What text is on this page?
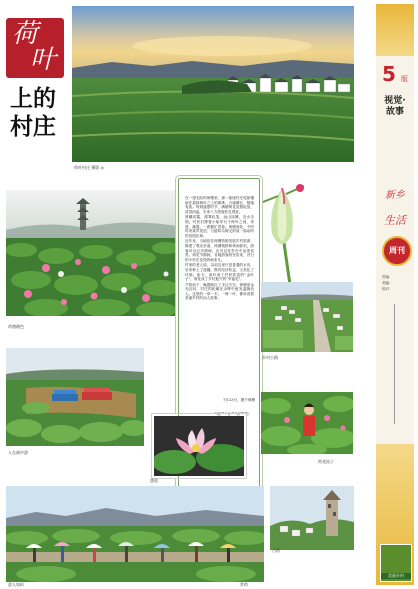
荷
叶
上的
村庄
荷叶村庄 摄影 ◎
荷塘晓色
人在画中游

在一望无际的荷塘里，那一座座村庄宛如镶嵌在碧绿荷叶之上的明珠，白墙黛瓦，错落有致。每到盛夏时节，满塘荷花竞相绽放，清香四溢，引来八方游客驻足观赏。

晨曦初露，薄雾轻笼，远山如黛，近水含烟。村民们撑着小船穿行于荷叶之间，采莲、摘蓬，一派繁忙景象。荷塘深处，不时传来欢声笑语，与蛙鸣鸟啼交织成一曲动听的田园乐章。

近年来，当地依托荷塘资源发展乡村旅游，修建了观光步道、荷塘栈桥和休闲驿站，游客可以泛舟荷海，也可以在亭台中品茶赏景。荷花节期间，各地游客纷至沓来，昔日的小村庄变得热闹非凡。

村里的老人说，以前这里只是普通的水田，后来种上了莲藕，既有经济收益，又美化了环境。如今，荷叶成了村民致富的"金叶子"，荷花成了乡村振兴的"幸福花"。

夕阳西下，晚霞映红了半边天空，荷塘里金光闪闪，村庄的轮廓在余晖中愈发温婉动人。这里的一草一木，一荷一叶，都诉说着美丽乡村的动人故事。

7月23日，摄于荷塘
（本版照片由通讯员提供）
盛放
乡村公路
荷花仙子
古塔
游人如织	赏荷
5 版
视觉·故事
新乡
生活
周刊
责编：
美编：
校对：
美丽乡村
